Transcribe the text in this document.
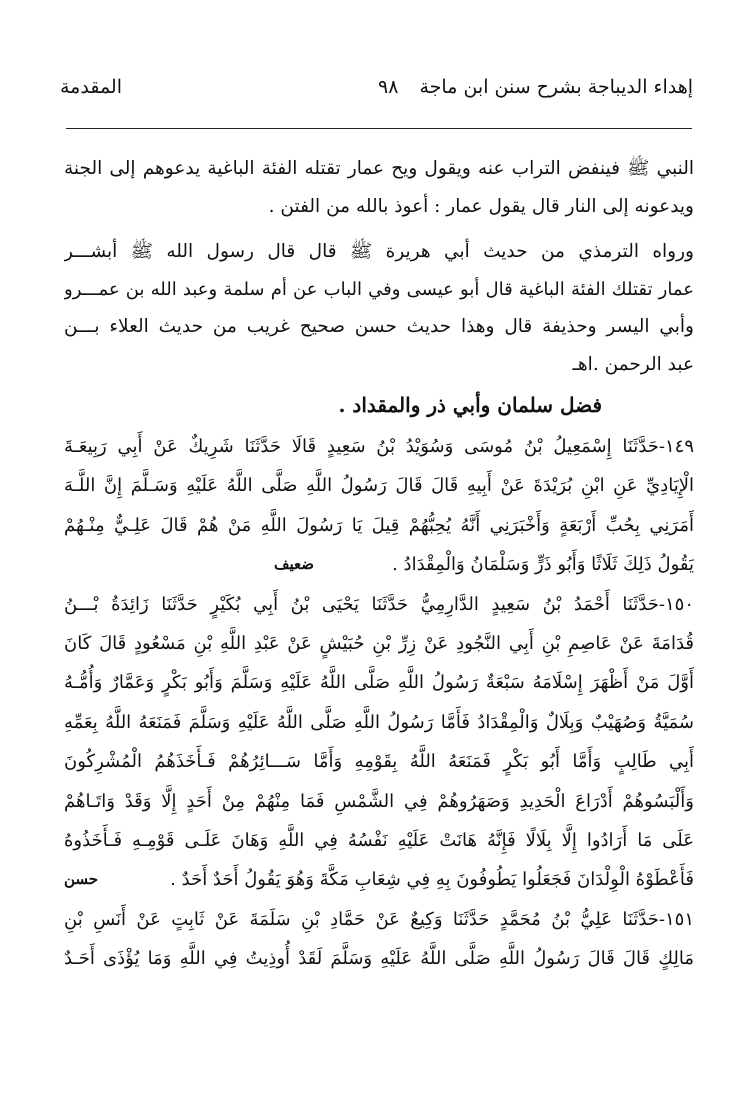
إهداء الديباجة بشرح سنن ابن ماجة
٩٨
المقدمة
النبي ﷺ فينفض التراب عنه ويقول ويح عمار تقتله الفئة الباغية يدعوهم إلى الجنة
ويدعونه إلى النار قال يقول عمار : أعوذ بالله من الفتن .
ورواه الترمذي من حديث أبي هريرة ﷺ قال قال رسول الله ﷺ أبشـــر
عمار تقتلك الفئة الباغية قال أبو عيسى وفي الباب عن أم سلمة وعبد الله بن عمـــرو
وأبي اليسر وحذيفة قال وهذا حديث حسن صحيح غريب من حديث العلاء بـــن
عبد الرحمن .اهـ
فضل سلمان وأبي ذر والمقداد .
١٤٩-حَدَّثَنَا إِسْمَعِيلُ بْنُ مُوسَى وَسُوَيْدُ بْنُ سَعِيدٍ قَالَا حَدَّثَنَا شَرِيكٌ عَنْ أَبِي رَبِيعَـةَ
الْإِيَادِيِّ عَنِ ابْنِ بُرَيْدَةَ عَنْ أَبِيهِ قَالَ قَالَ رَسُولُ اللَّهِ صَلَّى اللَّهُ عَلَيْهِ وَسَـلَّمَ إِنَّ اللَّـهَ
أَمَرَنِي بِحُبِّ أَرْبَعَةٍ وَأَخْبَرَنِي أَنَّهُ يُحِبُّهُمْ قِيلَ يَا رَسُولَ اللَّهِ مَنْ هُمْ قَالَ عَلِـيٌّ مِنْـهُمْ
يَقُولُ ذَلِكَ ثَلَاثًا وَأَبُو ذَرٍّ وَسَلْمَانُ وَالْمِقْدَادُ .
ضعيف
١٥٠-حَدَّثَنَا أَحْمَدُ بْنُ سَعِيدٍ الدَّارِمِيُّ حَدَّثَنَا يَحْيَى بْنُ أَبِي بُكَيْرٍ حَدَّثَنَا زَائِدَةُ بْـــنُ
قُدَامَةَ عَنْ عَاصِمِ بْنِ أَبِي النَّجُودِ عَنْ زِرِّ بْنِ حُبَيْشٍ عَنْ عَبْدِ اللَّهِ بْنِ مَسْعُودٍ قَالَ كَانَ
أَوَّلَ مَنْ أَظْهَرَ إِسْلَامَهُ سَبْعَةٌ رَسُولُ اللَّهِ صَلَّى اللَّهُ عَلَيْهِ وَسَلَّمَ وَأَبُو بَكْرٍ وَعَمَّارٌ وَأُمُّـهُ
سُمَيَّةُ وَصُهَيْبٌ وَبِلَالٌ وَالْمِقْدَادُ فَأَمَّا رَسُولُ اللَّهِ صَلَّى اللَّهُ عَلَيْهِ وَسَلَّمَ فَمَنَعَهُ اللَّهُ بِعَمِّهِ
أَبِي طَالِبٍ وَأَمَّا أَبُو بَكْرٍ فَمَنَعَهُ اللَّهُ بِقَوْمِهِ وَأَمَّا سَـــائِرُهُمْ فَـأَخَذَهُمُ الْمُشْرِكُونَ
وَأَلْبَسُوهُمْ أَدْرَاعَ الْحَدِيدِ وَصَهَرُوهُمْ فِي الشَّمْسِ فَمَا مِنْهُمْ مِنْ أَحَدٍ إِلَّا وَقَدْ وَاتَـاهُمْ
عَلَى مَا أَرَادُوا إِلَّا بِلَالًا فَإِنَّهُ هَانَتْ عَلَيْهِ نَفْسُهُ فِي اللَّهِ وَهَانَ عَلَـى قَوْمِـهِ فَـأَخَذُوهُ
فَأَعْطَوْهُ الْوِلْدَانَ فَجَعَلُوا يَطُوفُونَ بِهِ فِي شِعَابِ مَكَّةَ وَهُوَ يَقُولُ أَحَدٌ أَحَدٌ .
حسن
١٥١-حَدَّثَنَا عَلِيُّ بْنُ مُحَمَّدٍ حَدَّثَنَا وَكِيعٌ عَنْ حَمَّادِ بْنِ سَلَمَةَ عَنْ ثَابِتٍ عَنْ أَنَسِ بْنِ
مَالِكٍ قَالَ قَالَ رَسُولُ اللَّهِ صَلَّى اللَّهُ عَلَيْهِ وَسَلَّمَ لَقَدْ أُوذِيتُ فِي اللَّهِ وَمَا يُؤْذَى أَحَـدٌ
